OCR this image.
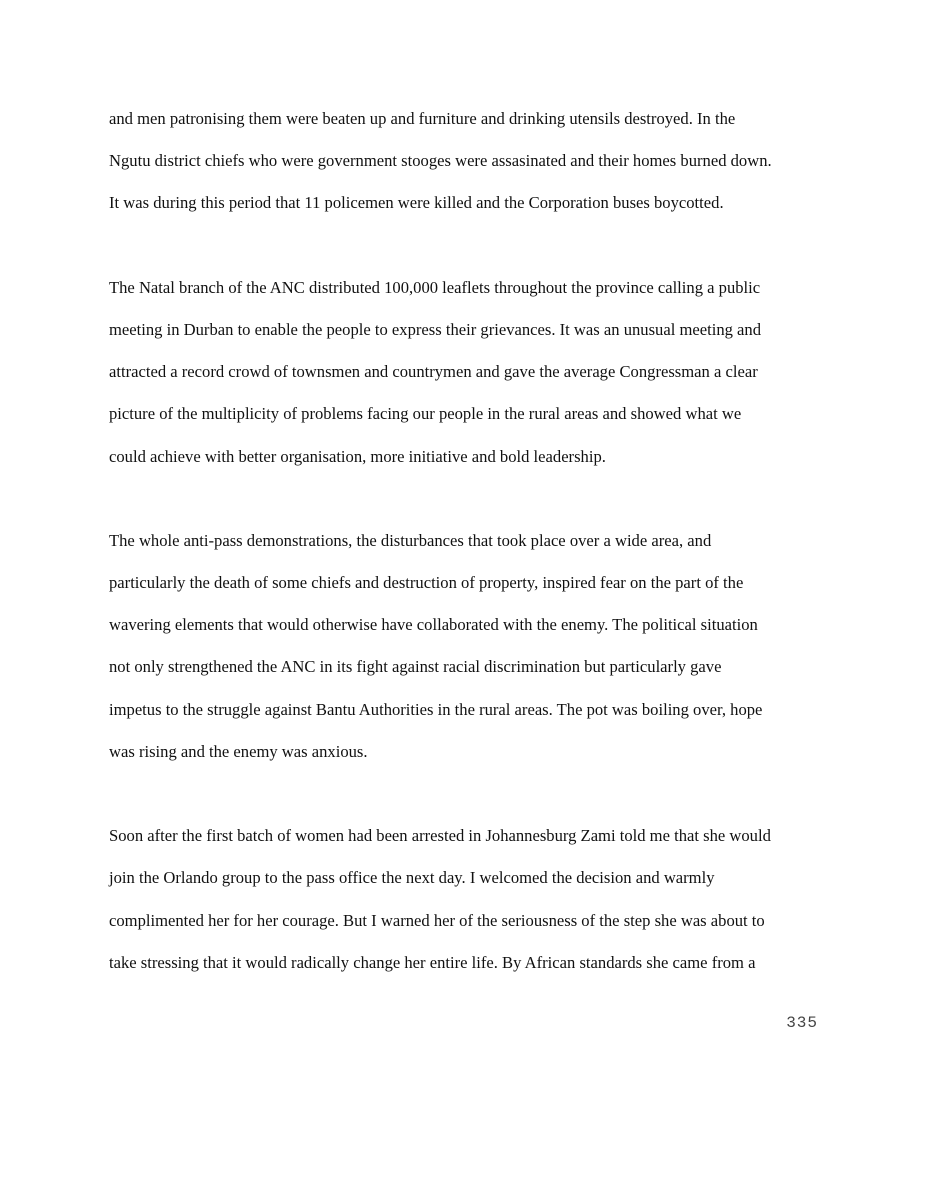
and men patronising them were beaten up and furniture and drinking utensils destroyed. In the
Ngutu district chiefs who were government stooges were assasinated and their homes burned down.
It was during this period that 11 policemen were killed and the Corporation buses boycotted.
The Natal branch of the ANC distributed 100,000 leaflets throughout the province calling a public
meeting in Durban to enable the people to express their grievances. It was an unusual meeting and
attracted a record crowd of townsmen and countrymen and gave the average Congressman a clear
picture of the multiplicity of problems facing our people in the rural areas and showed what we
could achieve with better organisation, more initiative and bold leadership.
The whole anti-pass demonstrations, the disturbances that took place over a wide area, and
particularly the death of some chiefs and destruction of property, inspired fear on the part of the
wavering elements that would otherwise have collaborated with the enemy. The political situation
not only strengthened the ANC in its fight against racial discrimination but particularly gave
impetus to the struggle against Bantu Authorities in the rural areas. The pot was boiling over, hope
was rising and the enemy was anxious.
Soon after the first batch of women had been arrested in Johannesburg Zami told me that she would
join the Orlando group to the pass office the next day. I welcomed the decision and warmly
complimented her for her courage. But I warned her of the seriousness of the step she was about to
take stressing that it would radically change her entire life. By African standards she came from a
335
